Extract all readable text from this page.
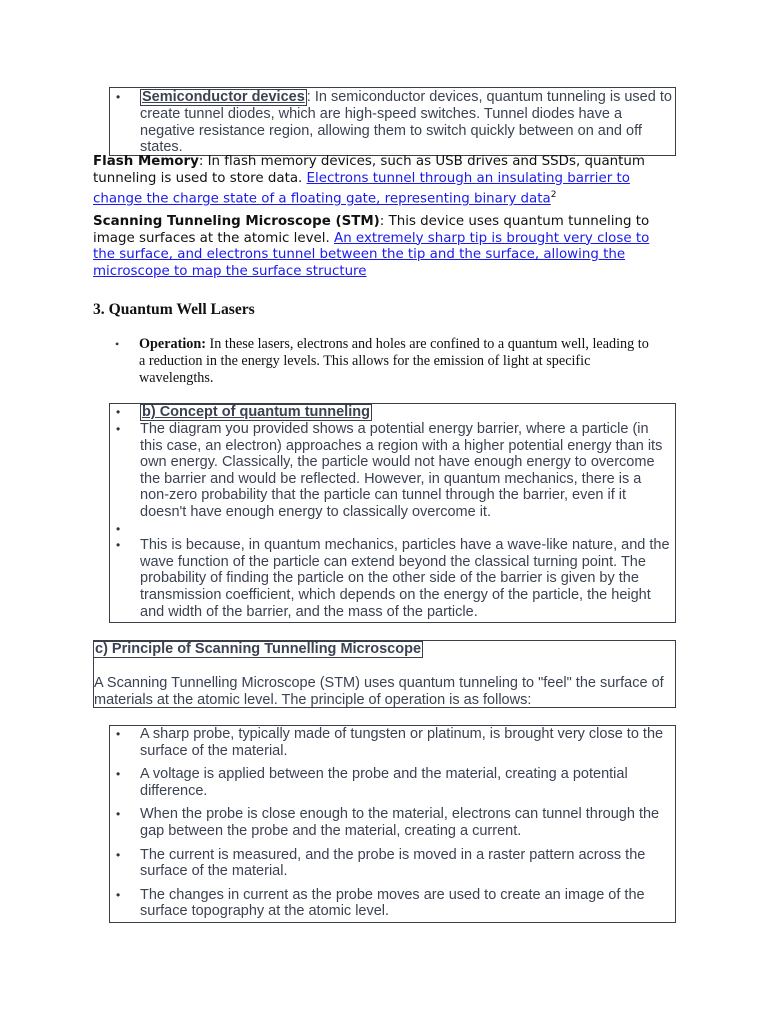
• Semiconductor devices : In semiconductor devices, quantum tunneling is used to create tunnel diodes, which are high-speed switches. Tunnel diodes have a negative resistance region, allowing them to switch quickly between on and off states.
Flash Memory: In flash memory devices, such as USB drives and SSDs, quantum tunneling is used to store data. Electrons tunnel through an insulating barrier to change the charge state of a floating gate, representing binary data$^2$
Scanning Tunneling Microscope (STM): This device uses quantum tunneling to image surfaces at the atomic level. An extremely sharp tip is brought very close to the surface, and electrons tunnel between the tip and the surface, allowing the microscope to map the surface structure
3. Quantum Well Lasers
• Operation: In these lasers, electrons and holes are confined to a quantum well, leading to a reduction in the energy levels. This allows for the emission of light at specific wavelengths.
• b) Concept of quantum tunneling
• The diagram you provided shows a potential energy barrier, where a particle (in this case, an electron) approaches a region with a higher potential energy than its own energy. Classically, the particle would not have enough energy to overcome the barrier and would be reflected. However, in quantum mechanics, there is a non-zero probability that the particle can tunnel through the barrier, even if it doesn't have enough energy to classically overcome it.
•
• This is because, in quantum mechanics, particles have a wave-like nature, and the wave function of the particle can extend beyond the classical turning point. The probability of finding the particle on the other side of the barrier is given by the transmission coefficient, which depends on the energy of the particle, the height and width of the barrier, and the mass of the particle.
c) Principle of Scanning Tunnelling Microscope
A Scanning Tunnelling Microscope (STM) uses quantum tunneling to "feel" the surface of materials at the atomic level. The principle of operation is as follows:
• A sharp probe, typically made of tungsten or platinum, is brought very close to the surface of the material.
• A voltage is applied between the probe and the material, creating a potential difference.
• When the probe is close enough to the material, electrons can tunnel through the gap between the probe and the material, creating a current.
• The current is measured, and the probe is moved in a raster pattern across the surface of the material.
• The changes in current as the probe moves are used to create an image of the surface topography at the atomic level.
